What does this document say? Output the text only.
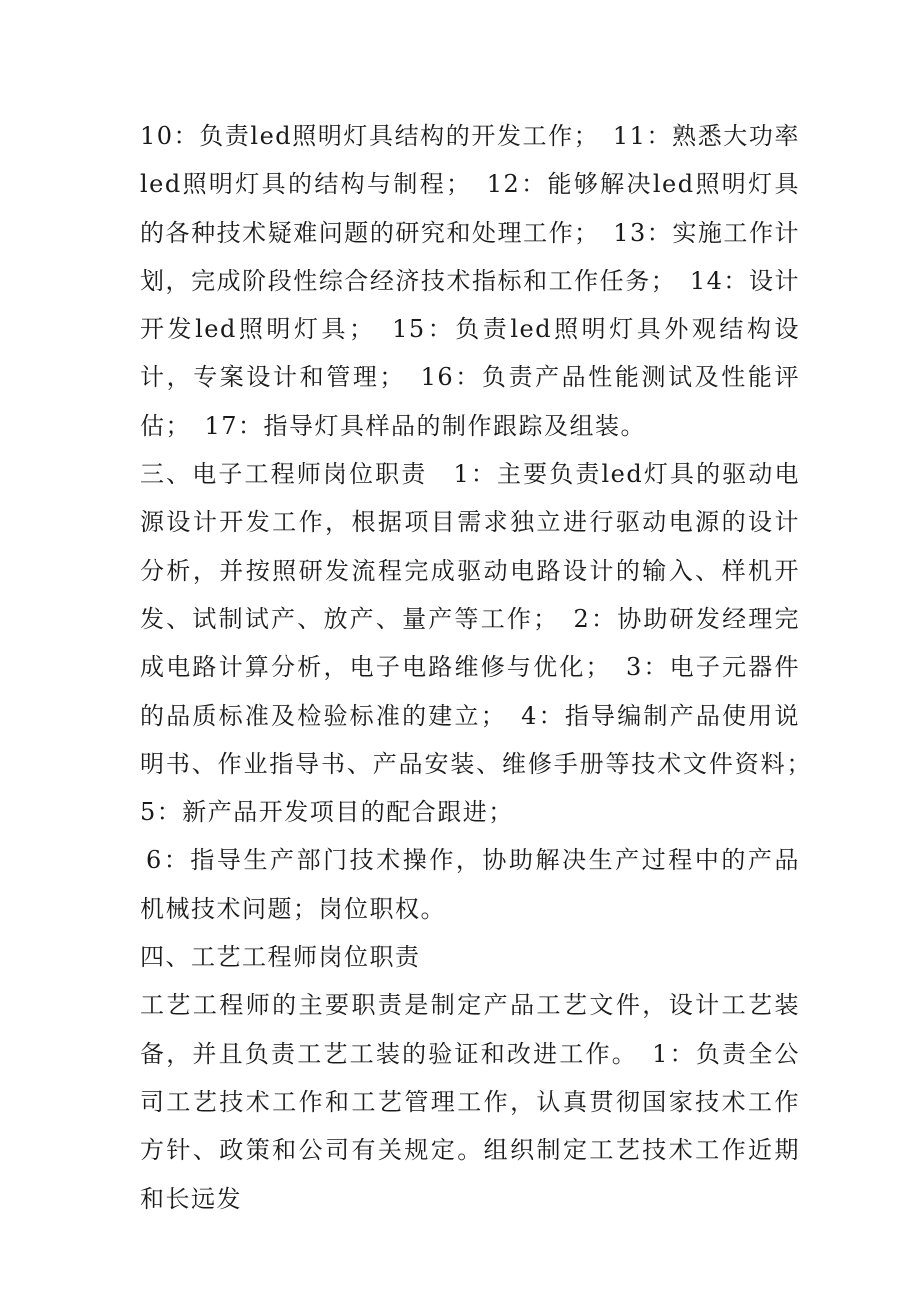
10：负责led照明灯具结构的开发工作；　11：熟悉大功率led照明灯具的结构与制程；　12：能够解决led照明灯具的各种技术疑难问题的研究和处理工作；　13：实施工作计划，完成阶段性综合经济技术指标和工作任务；　14：设计开发led照明灯具；　15：负责led照明灯具外观结构设计，专案设计和管理；　16：负责产品性能测试及性能评估；　17：指导灯具样品的制作跟踪及组装。

三、电子工程师岗位职责　1：主要负责led灯具的驱动电源设计开发工作，根据项目需求独立进行驱动电源的设计分析，并按照研发流程完成驱动电路设计的输入、样机开发、试制试产、放产、量产等工作；　2：协助研发经理完成电路计算分析，电子电路维修与优化；　3：电子元器件的品质标准及检验标准的建立；　4：指导编制产品使用说明书、作业指导书、产品安装、维修手册等技术文件资料；　5：新产品开发项目的配合跟进；

6：指导生产部门技术操作，协助解决生产过程中的产品机械技术问题；岗位职权。

四、工艺工程师岗位职责

工艺工程师的主要职责是制定产品工艺文件，设计工艺装备，并且负责工艺工装的验证和改进工作。　1：负责全公司工艺技术工作和工艺管理工作，认真贯彻国家技术工作方针、政策和公司有关规定。组织制定工艺技术工作近期和长远发
